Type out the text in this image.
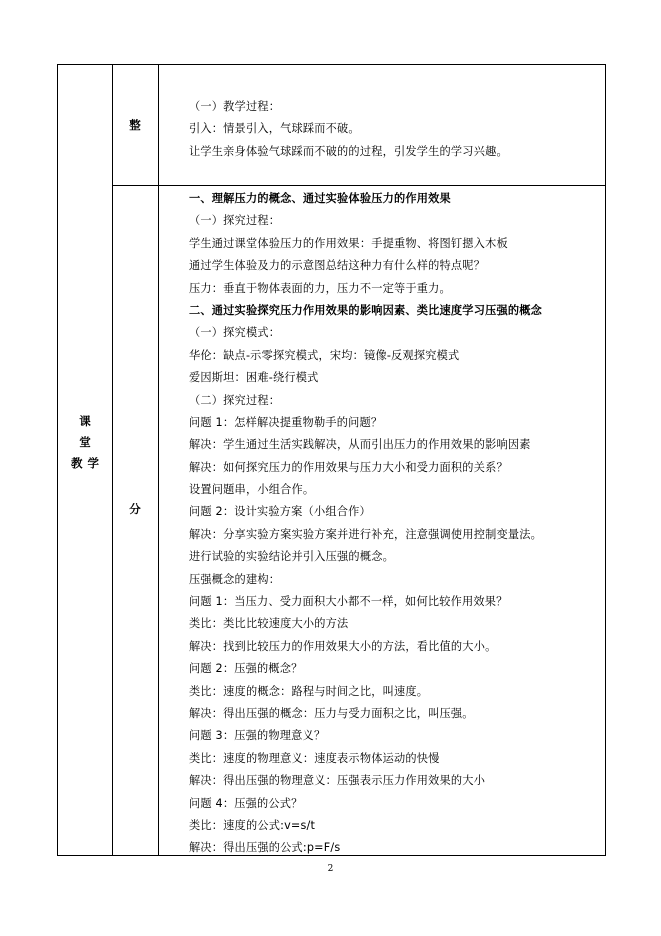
课
堂
教学
整
分
（一）教学过程：
引入：情景引入，气球踩而不破。
让学生亲身体验气球踩而不破的的过程，引发学生的学习兴趣。
一、理解压力的概念、通过实验体验压力的作用效果
（一）探究过程：
学生通过课堂体验压力的作用效果：手提重物、将图钉摁入木板
通过学生体验及力的示意图总结这种力有什么样的特点呢？
压力：垂直于物体表面的力，压力不一定等于重力。
二、通过实验探究压力作用效果的影响因素、类比速度学习压强的概念
（一）探究模式：
华伦：缺点-示零探究模式，宋均：镜像-反观探究模式
爱因斯坦：困难-绕行模式
（二）探究过程：
问题 1：怎样解决提重物勒手的问题？
解决：学生通过生活实践解决，从而引出压力的作用效果的影响因素
解决：如何探究压力的作用效果与压力大小和受力面积的关系？
设置问题串，小组合作。
问题 2：设计实验方案（小组合作）
解决：分享实验方案实验方案并进行补充，注意强调使用控制变量法。
进行试验的实验结论并引入压强的概念。
压强概念的建构：
问题 1：当压力、受力面积大小都不一样，如何比较作用效果？
类比：类比比较速度大小的方法
解决：找到比较压力的作用效果大小的方法，看比值的大小。
问题 2：压强的概念？
类比：速度的概念：路程与时间之比，叫速度。
解决：得出压强的概念：压力与受力面积之比，叫压强。
问题 3：压强的物理意义？
类比：速度的物理意义：速度表示物体运动的快慢
解决：得出压强的物理意义：压强表示压力作用效果的大小
问题 4：压强的公式？
类比：速度的公式:v=s/t
解决：得出压强的公式:p=F/s
2
